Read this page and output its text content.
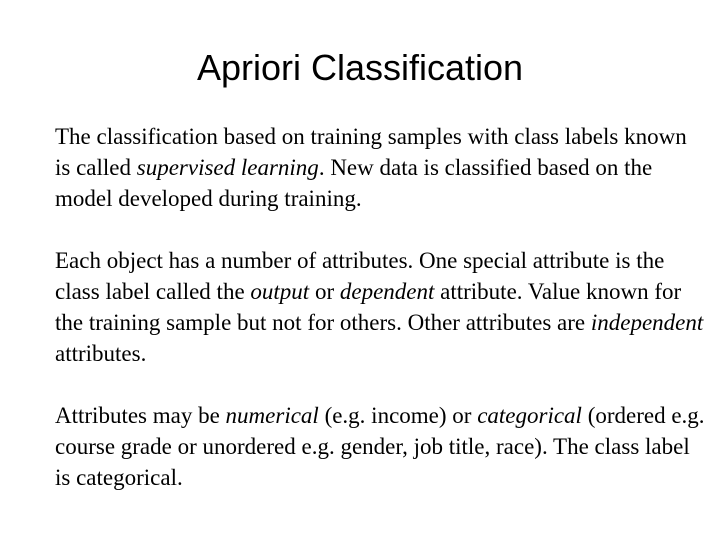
Apriori Classification

The classification based on training samples with class labels known is called supervised learning. New data is classified based on the model developed during training.

Each object has a number of attributes. One special attribute is the class label called the output or dependent attribute. Value known for the training sample but not for others. Other attributes are independent attributes.

Attributes may be numerical (e.g. income) or categorical (ordered e.g. course grade or unordered e.g. gender, job title, race). The class label is categorical.
